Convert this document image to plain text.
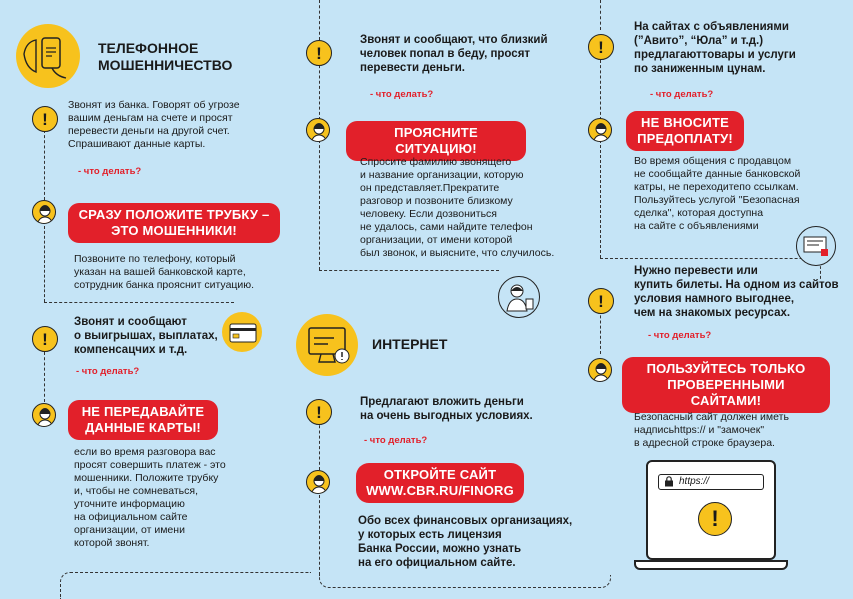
ТЕЛЕФОННОЕ
МОШЕННИЧЕСТВО
!
Звонят из банка. Говорят об угрозе
вашим деньгам на счете и просят
перевести деньги на другой счет.
Спрашивают данные карты.
- что делать?
СРАЗУ ПОЛОЖИТЕ ТРУБКУ –
ЭТО МОШЕННИКИ!
Позвоните по телефону, который
указан на вашей банковской карте,
сотрудник банка прояснит ситуацию.
!
Звонят и сообщают
о выигрышах, выплатах,
компенсацчих и т.д.
- что делать?
НЕ ПЕРЕДАВАЙТЕ
ДАННЫЕ КАРТЫ!
если во время разговора вас
просят совершить платеж - это
мошенники. Положите трубку
и, чтобы не сомневаться,
уточните информацию
на официальном сайте
организации, от имени
которой звонят.
!
Звонят и сообщают, что близкий
человек попал в беду, просят
перевести деньги.
- что делать?
ПРОЯСНИТЕ СИТУАЦИЮ!
Спросите фамилию звонящего
и название организации, которую
он представляет.Прекратите
разговор и позвоните близкому
человеку. Если дозвониться
не удалось, сами найдите телефон
организации, от имени которой
был звонок, и выясните, что случилось.
ИНТЕРНЕТ
!
Предлагают вложить деньги
на очень выгодных условиях.
- что делать?
ОТКРОЙТЕ САЙТ
WWW.CBR.RU/FINORG
Обо всех финансовых организациях,
у которых есть лицензия
Банка России, можно узнать
на его официальном сайте.
!
На сайтах с объявлениями
(”Авито”, “Юла” и т.д.)
предлагаюттовары и услуги
по заниженным цунам.
- что делать?
НЕ ВНОСИТЕ
ПРЕДОПЛАТУ!
Во время общения с продавцом
не сообщайте данные банковской
катры, не переходитепо ссылкам.
Пользуйтесь услугой "Безопасная
сделка", которая доступна
на сайте с объявлениями
Нужно перевести или
купить билеты. На одном из сайтов
условия намного выгоднее,
чем на знакомых ресурсах.
!
- что делать?
ПОЛЬЗУЙТЕСЬ ТОЛЬКО
ПРОВЕРЕННЫМИ САЙТАМИ!
Безопасный сайт должен иметь
надписьhttps:// и "замочек"
в адресной строке браузера.
https://
!
